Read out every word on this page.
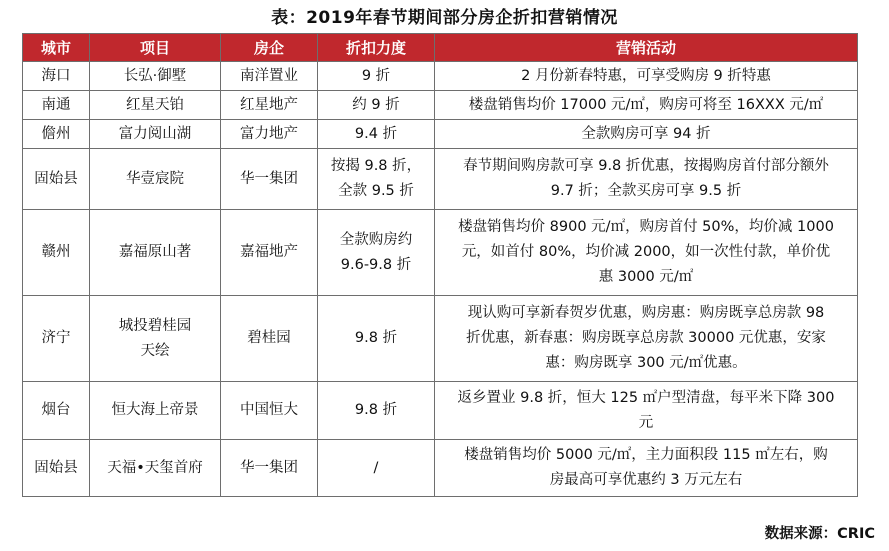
表：2019年春节期间部分房企折扣营销情况
城市	项目	房企	折扣力度	营销活动
海口	长弘·御墅	南洋置业	9 折	2 月份新春特惠，可享受购房 9 折特惠
南通	红星天铂	红星地产	约 9 折	楼盘销售均价 17000 元/㎡，购房可将至 16XXX 元/㎡
儋州	富力阅山湖	富力地产	9.4 折	全款购房可享 94 折
固始县	华壹宸院	华一集团	按揭 9.8 折，
全款 9.5 折	春节期间购房款可享 9.8 折优惠，按揭购房首付部分额外
9.7 折；全款买房可享 9.5 折
赣州	嘉福原山著	嘉福地产	全款购房约
9.6-9.8 折	楼盘销售均价 8900 元/㎡，购房首付 50%，均价减 1000
元，如首付 80%，均价减 2000，如一次性付款，单价优
惠 3000 元/㎡
济宁	城投碧桂园
天绘	碧桂园	9.8 折	现认购可享新春贺岁优惠，购房惠：购房既享总房款 98
折优惠，新春惠：购房既享总房款 30000 元优惠，安家
惠：购房既享 300 元/㎡优惠。
烟台	恒大海上帝景	中国恒大	9.8 折	返乡置业 9.8 折，恒大 125 ㎡户型清盘，每平米下降 300
元
固始县	天福•天玺首府	华一集团	/	楼盘销售均价 5000 元/㎡，主力面积段 115 ㎡左右，购
房最高可享优惠约 3 万元左右
数据来源：CRIC
